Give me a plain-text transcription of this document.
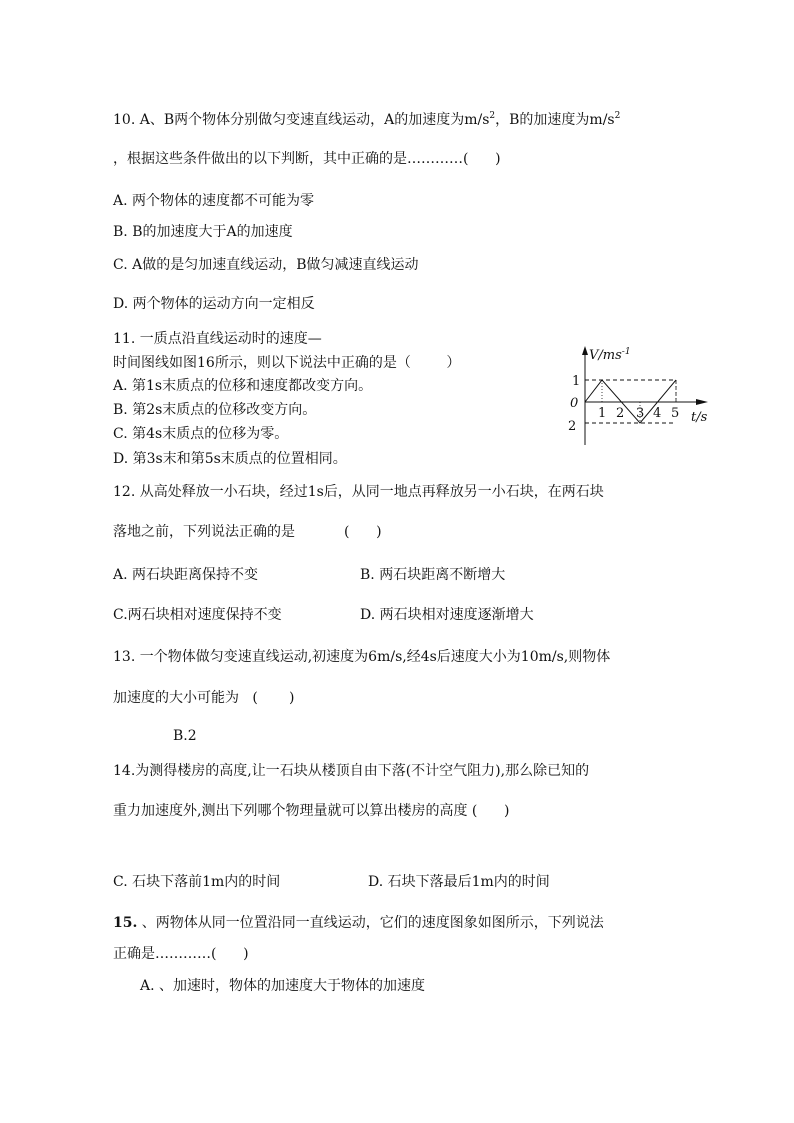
10. A、B两个物体分别做匀变速直线运动，A的加速度为$m/s^2$，B的加速度为$m/s^2$
，根据这些条件做出的以下判断，其中正确的是…………(      )
A. 两个物体的速度都不可能为零
B. B的加速度大于A的加速度
C. A做的是匀加速直线运动，B做匀减速直线运动
D. 两个物体的运动方向一定相反
11. 一质点沿直线运动时的速度—
时间图线如图16所示，则以下说法中正确的是（        ）
A. 第1s末质点的位移和速度都改变方向。
B. 第2s末质点的位移改变方向。
C. 第4s末质点的位移为零。
D. 第3s末和第5s末质点的位置相同。
$V/ms^{-1}$
1
0
2
1 2 3 4 5 t/s
12. 从高处释放一小石块，经过1s后，从同一地点再释放另一小石块，在两石块
落地之前，下列说法正确的是           (      )
A. 两石块距离保持不变	B. 两石块距离不断增大
C.两石块相对速度保持不变	D. 两石块相对速度逐渐增大
13. 一个物体做匀变速直线运动,初速度为6m/s,经4s后速度大小为10m/s,则物体
加速度的大小可能为   (       )
B.2
14.为测得楼房的高度,让一石块从楼顶自由下落(不计空气阻力),那么除已知的
重力加速度外,测出下列哪个物理量就可以算出楼房的高度 (      )
C. 石块下落前1m内的时间	D. 石块下落最后1m内的时间
15. 、两物体从同一位置沿同一直线运动，它们的速度图象如图所示，下列说法
正确是…………(      )
A. 、加速时，物体的加速度大于物体的加速度
